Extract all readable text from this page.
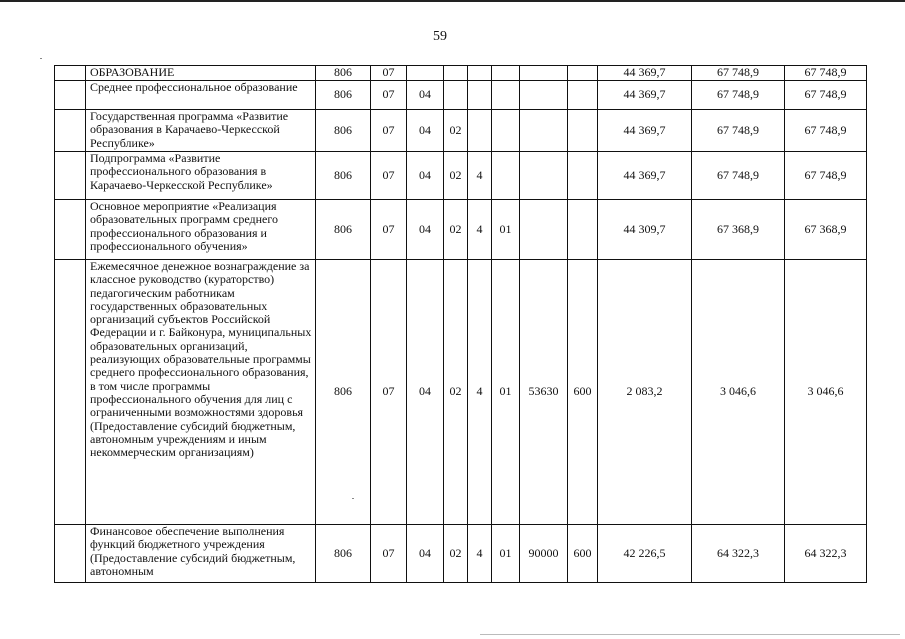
59
	ОБРАЗОВАНИЕ	806	07							44 369,7	67 748,9	67 748,9
	Среднее профессиональное образование	806	07	04						44 369,7	67 748,9	67 748,9
	Государственная программа «Развитие образования в Карачаево-Черкесской Республике»	806	07	04	02					44 369,7	67 748,9	67 748,9
	Подпрограмма «Развитие профессионального образования в Карачаево-Черкесской Республике»	806	07	04	02	4				44 369,7	67 748,9	67 748,9
	Основное мероприятие «Реализация образовательных программ среднего профессионального образования и профессионального обучения»	806	07	04	02	4	01			44 309,7	67 368,9	67 368,9
	Ежемесячное денежное вознаграждение за классное руководство (кураторство) педагогическим работникам государственных образовательных организаций субъектов Российской Федерации и г. Байконура, муниципальных образовательных организаций, реализующих образовательные программы среднего профессионального образования, в том числе программы профессионального обучения для лиц с ограниченными возможностями здоровья (Предоставление субсидий бюджетным, автономным учреждениям и иным некоммерческим организациям)	806	07	04	02	4	01	53630	600	2 083,2	3 046,6	3 046,6
	Финансовое обеспечение выполнения функций бюджетного учреждения (Предоставление субсидий бюджетным, автономным	806	07	04	02	4	01	90000	600	42 226,5	64 322,3	64 322,3
